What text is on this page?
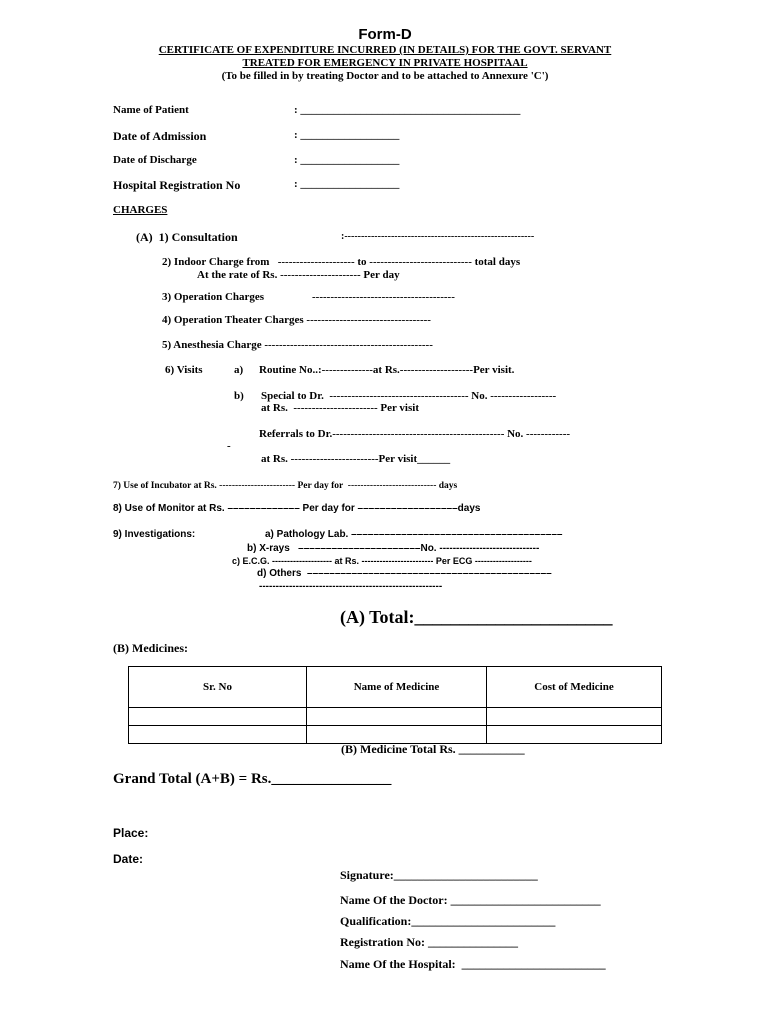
Form-D
CERTIFICATE OF EXPENDITURE INCURRED (IN DETAILS) FOR THE GOVT. SERVANT
TREATED FOR EMERGENCY IN PRIVATE HOSPITAAL
(To be filled in by treating Doctor and to be attached to Annexure 'C')
Name of Patient	: ________________________________________
Date of Admission	: __________________
Date of Discharge	: __________________
Hospital Registration No	: __________________
CHARGES
(A)  1) Consultation	:---------------------------------------------------------
2) Indoor Charge from   --------------------- to ---------------------------- total days
At the rate of Rs. ---------------------- Per day
3) Operation Charges	---------------------------------------
4) Operation Theater Charges ----------------------------------
5) Anesthesia Charge ----------------------------------------------
6) Visits	a) Routine No..:--------------at Rs.--------------------Per visit.
b) Special to Dr.  -------------------------------------- No. ------------------
at Rs.  ----------------------- Per visit
Referrals to Dr.----------------------------------------------- No. ------------
-
at Rs. ------------------------Per visit______
7) Use of Incubator at Rs. ------------------------ Per day for  ---------------------------- days
8) Use of Monitor at Rs. ––––––––––––– Per day for ––––––––––––––––––days
9) Investigations:	a) Pathology Lab. ––––––––––––––––––––––––––––––––––––––
b) X-rays   ––––––––––––––––––––––No. ------------------------------
c) E.C.G. -------------------- at Rs. ------------------------ Per ECG -------------------
d) Others  ––––––––––––––––––––––––––––––––––––––––––––
-------------------------------------------------------
(A) Total:______________________
(B) Medicines:
Sr. No	Name of Medicine	Cost of Medicine

(B) Medicine Total Rs. ___________
Grand Total (A+B) = Rs.________________
Place:
Date:
Signature:________________________
Name Of the Doctor: _________________________
Qualification:________________________
Registration No: _______________
Name Of the Hospital:  ________________________
